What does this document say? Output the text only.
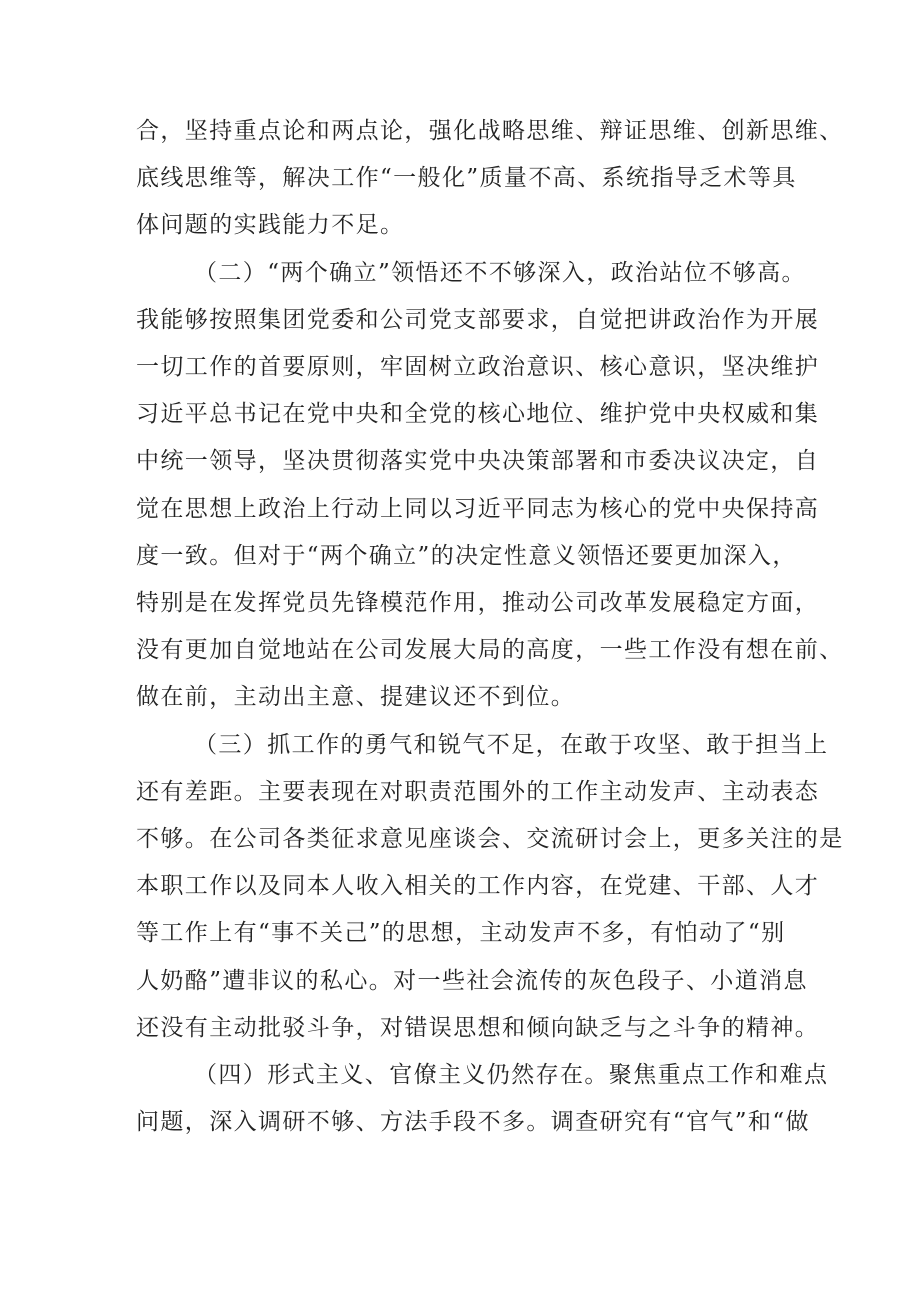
合，坚持重点论和两点论，强化战略思维、辩证思维、创新思维、
底线思维等，解决工作“一般化”质量不高、系统指导乏术等具
体问题的实践能力不足。
（二）“两个确立”领悟还不不够深入，政治站位不够高。
我能够按照集团党委和公司党支部要求，自觉把讲政治作为开展
一切工作的首要原则，牢固树立政治意识、核心意识，坚决维护
习近平总书记在党中央和全党的核心地位、维护党中央权威和集
中统一领导，坚决贯彻落实党中央决策部署和市委决议决定，自
觉在思想上政治上行动上同以习近平同志为核心的党中央保持高
度一致。但对于“两个确立”的决定性意义领悟还要更加深入，
特别是在发挥党员先锋模范作用，推动公司改革发展稳定方面，
没有更加自觉地站在公司发展大局的高度，一些工作没有想在前、
做在前，主动出主意、提建议还不到位。
（三）抓工作的勇气和锐气不足，在敢于攻坚、敢于担当上
还有差距。主要表现在对职责范围外的工作主动发声、主动表态
不够。在公司各类征求意见座谈会、交流研讨会上，更多关注的是
本职工作以及同本人收入相关的工作内容，在党建、干部、人才
等工作上有“事不关己”的思想，主动发声不多，有怕动了“别
人奶酪”遭非议的私心。对一些社会流传的灰色段子、小道消息
还没有主动批驳斗争，对错误思想和倾向缺乏与之斗争的精神。
（四）形式主义、官僚主义仍然存在。聚焦重点工作和难点
问题，深入调研不够、方法手段不多。调查研究有“官气”和“做
